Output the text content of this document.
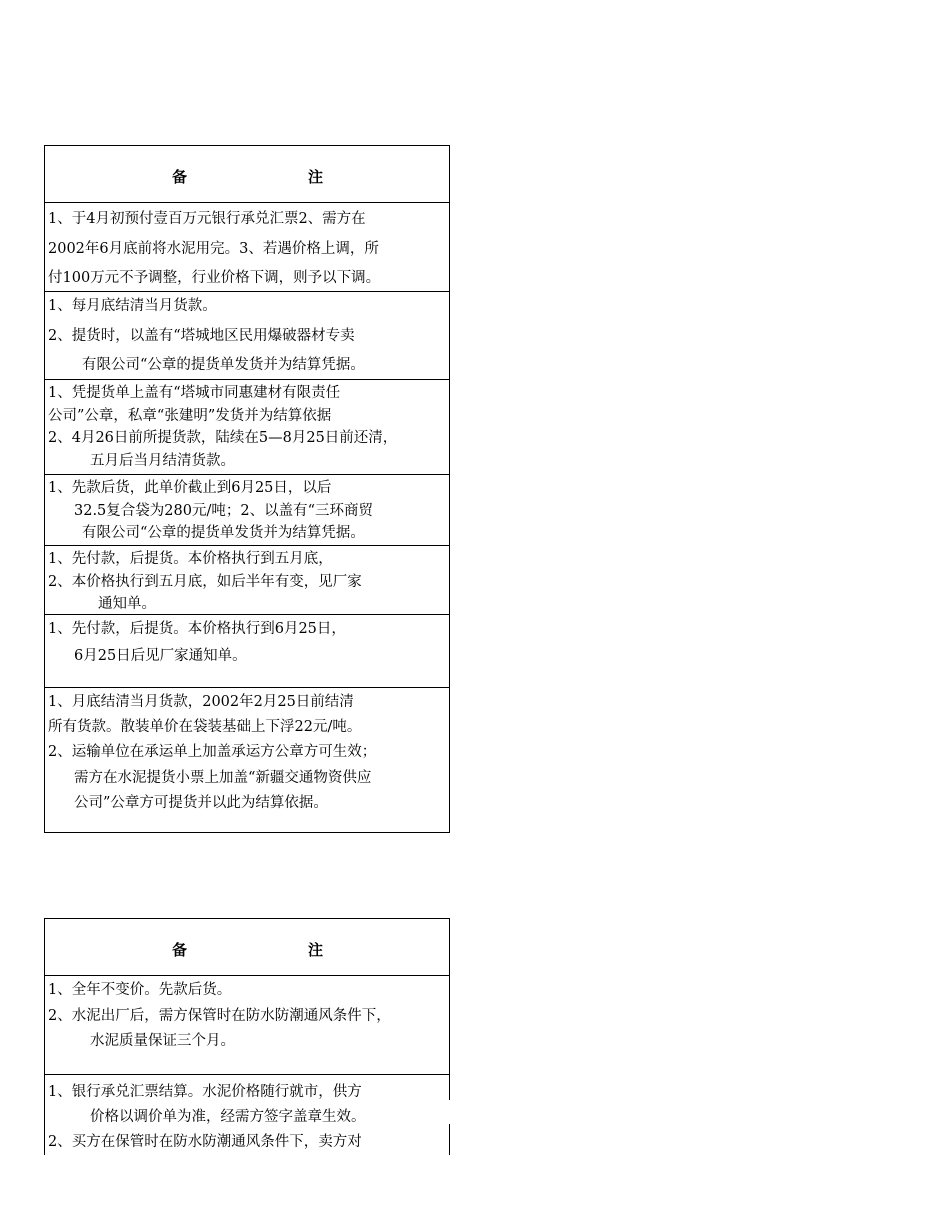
备	注
1、于4月初预付壹百万元银行承兑汇票2、需方在
2002年6月底前将水泥用完。3、若遇价格上调，所
付100万元不予调整，行业价格下调，则予以下调。
1、每月底结清当月货款。
2、提货时，以盖有“塔城地区民用爆破器材专卖
有限公司“公章的提货单发货并为结算凭据。
1、凭提货单上盖有“塔城市同惠建材有限责任
公司”公章，私章“张建明”发货并为结算依据
2、4月26日前所提货款，陆续在5—8月25日前还清，
五月后当月结清货款。
1、先款后货，此单价截止到6月25日，以后
32.5复合袋为280元/吨；2、以盖有“三环商贸
有限公司“公章的提货单发货并为结算凭据。
1、先付款，后提货。本价格执行到五月底，
2、本价格执行到五月底，如后半年有变，见厂家
通知单。
1、先付款，后提货。本价格执行到6月25日，
6月25日后见厂家通知单。
1、月底结清当月货款，2002年2月25日前结清
所有货款。散装单价在袋装基础上下浮22元/吨。
2、运输单位在承运单上加盖承运方公章方可生效；
需方在水泥提货小票上加盖“新疆交通物资供应
公司”公章方可提货并以此为结算依据。
备	注
1、全年不变价。先款后货。
2、水泥出厂后，需方保管时在防水防潮通风条件下，
水泥质量保证三个月。
1、银行承兑汇票结算。水泥价格随行就市，供方
价格以调价单为准，经需方签字盖章生效。
2、买方在保管时在防水防潮通风条件下，卖方对
